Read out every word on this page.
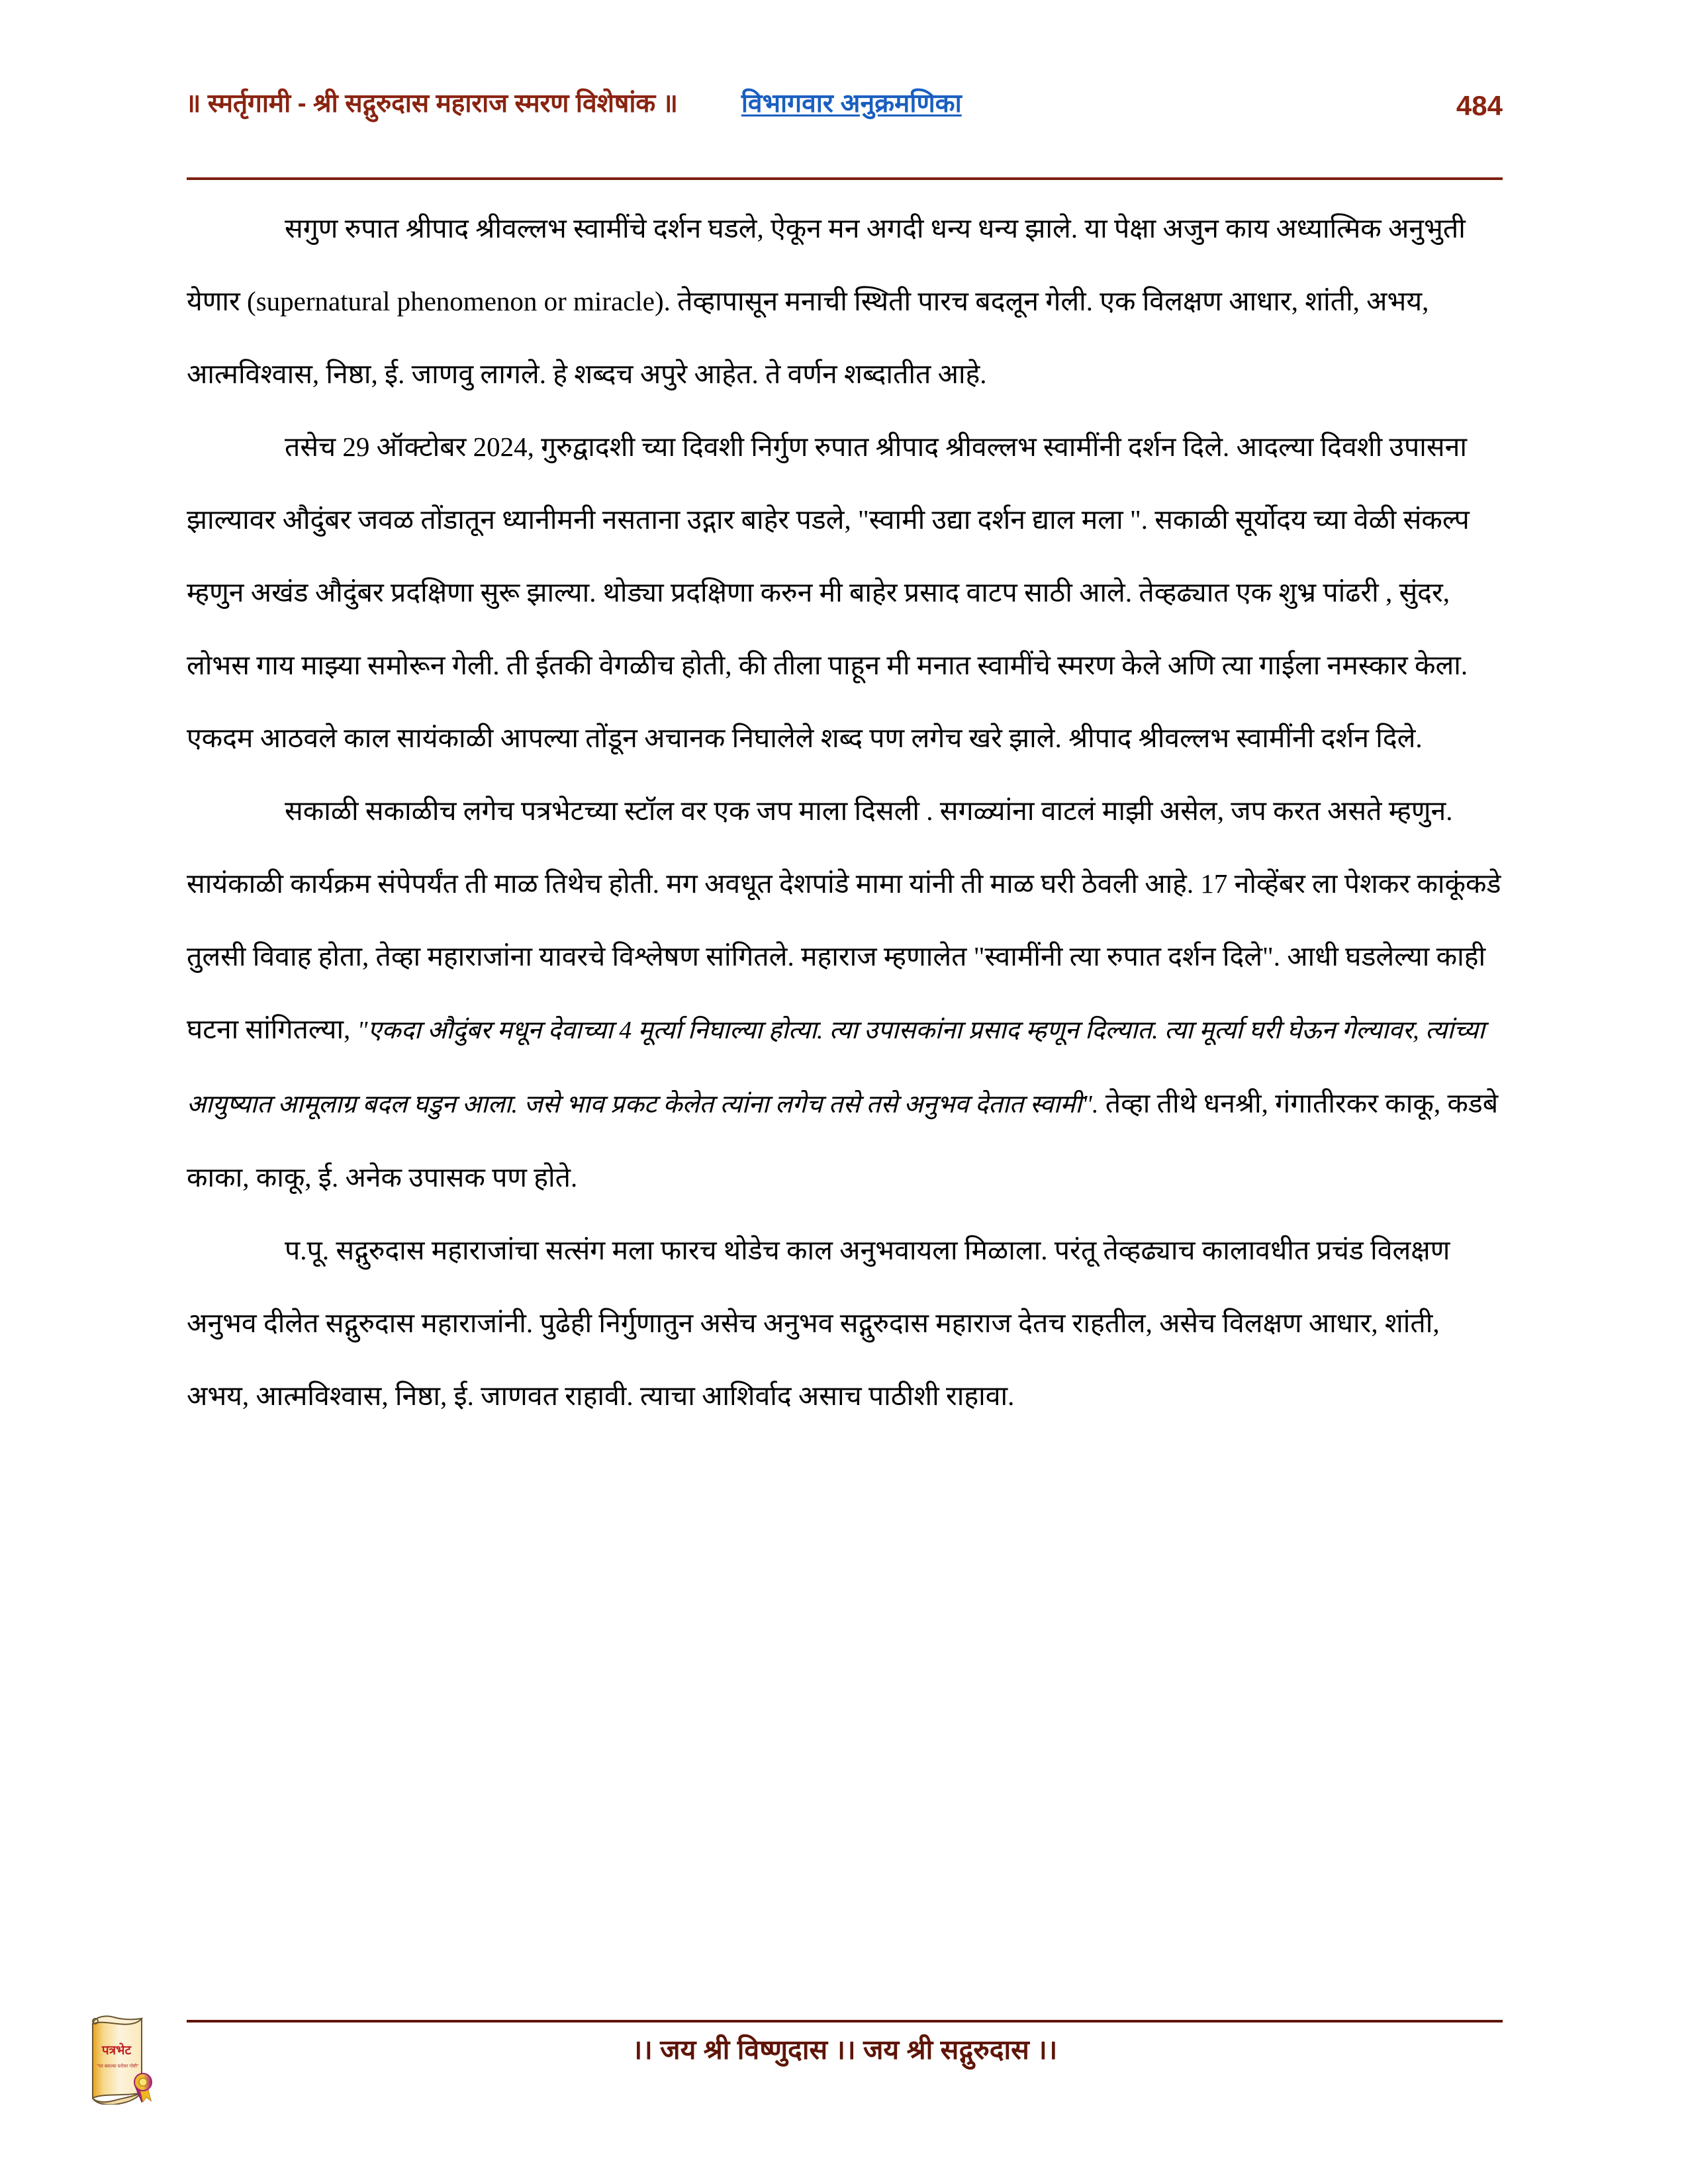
॥ स्मर्तृगामी - श्री सद्गुरुदास महाराज स्मरण विशेषांक ॥ विभागवार अनुक्रमणिका	484

सगुण रुपात श्रीपाद श्रीवल्लभ स्वामींचे दर्शन घडले, ऐकून मन अगदी धन्य धन्य झाले. या पेक्षा अजुन काय अध्यात्मिक अनुभुती येणार (supernatural phenomenon or miracle). तेव्हापासून मनाची स्थिती पारच बदलून गेली. एक विलक्षण आधार, शांती, अभय, आत्मविश्वास, निष्ठा, ई. जाणवु लागले. हे शब्दच अपुरे आहेत. ते वर्णन शब्दातीत आहे.

तसेच 29 ऑक्टोबर 2024, गुरुद्वादशी च्या दिवशी निर्गुण रुपात श्रीपाद श्रीवल्लभ स्वामींनी दर्शन दिले. आदल्या दिवशी उपासना झाल्यावर औदुंबर जवळ तोंडातून ध्यानीमनी नसताना उद्गार बाहेर पडले, "स्वामी उद्या दर्शन द्याल मला ". सकाळी सूर्योदय च्या वेळी संकल्प म्हणुन अखंड औदुंबर प्रदक्षिणा सुरू झाल्या. थोड्या प्रदक्षिणा करुन मी बाहेर प्रसाद वाटप साठी आले. तेव्हढ्यात एक शुभ्र पांढरी , सुंदर, लोभस गाय माझ्या समोरून गेली. ती ईतकी वेगळीच होती, की तीला पाहून मी मनात स्वामींचे स्मरण केले अणि त्या गाईला नमस्कार केला. एकदम आठवले काल सायंकाळी आपल्या तोंडून अचानक निघालेले शब्द पण लगेच खरे झाले. श्रीपाद श्रीवल्लभ स्वामींनी दर्शन दिले.

सकाळी सकाळीच लगेच पत्रभेटच्या स्टॉल वर एक जप माला दिसली . सगळ्यांना वाटलं माझी असेल, जप करत असते म्हणुन. सायंकाळी कार्यक्रम संपेपर्यंत ती माळ तिथेच होती. मग अवधूत देशपांडे मामा यांनी ती माळ घरी ठेवली आहे. 17 नोव्हेंबर ला पेशकर काकूंकडे तुलसी विवाह होता, तेव्हा महाराजांना यावरचे विश्लेषण सांगितले. महाराज म्हणालेत "स्वामींनी त्या रुपात दर्शन दिले". आधी घडलेल्या काही घटना सांगितल्या, "एकदा औदुंबर मधून देवाच्या 4 मूर्त्या निघाल्या होत्या. त्या उपासकांना प्रसाद म्हणून दिल्यात. त्या मूर्त्या घरी घेऊन गेल्यावर, त्यांच्या आयुष्यात आमूलाग्र बदल घडुन आला. जसे भाव प्रकट केलेत त्यांना लगेच तसे तसे अनुभव देतात स्वामी". तेव्हा तीथे धनश्री, गंगातीरकर काकू, कडबे काका, काकू, ई. अनेक उपासक पण होते.

प.पू. सद्गुरुदास महाराजांचा सत्संग मला फारच थोडेच काल अनुभवायला मिळाला. परंतू तेव्हढ्याच कालावधीत प्रचंड विलक्षण अनुभव दीलेत सद्गुरुदास महाराजांनी. पुढेही निर्गुणातुन असेच अनुभव सद्गुरुदास महाराज देतच राहतील, असेच विलक्षण आधार, शांती, अभय, आत्मविश्वास, निष्ठा, ई. जाणवत राहावी. त्याचा आशिर्वाद असाच पाठीशी राहावा.

।। जय श्री विष्णुदास ।। जय श्री सद्गुरुदास ।।
पत्रभेट
"घर बसल्या घरोघर गोष्टी"
